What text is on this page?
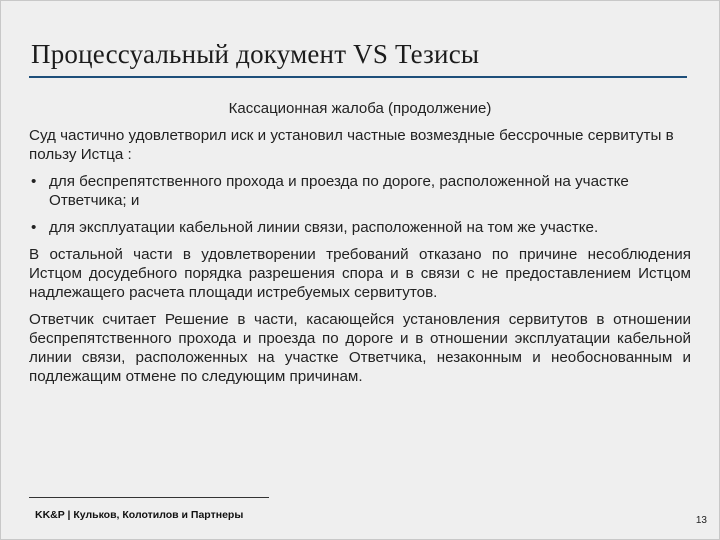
Процессуальный документ VS Тезисы
Кассационная жалоба (продолжение)
Суд частично удовлетворил иск и установил частные возмездные бессрочные сервитуты в пользу Истца :
• для беспрепятственного прохода и проезда по дороге, расположенной на участке Ответчика; и
• для эксплуатации кабельной линии связи, расположенной на том же участке.
В остальной части в удовлетворении требований отказано по причине несоблюдения Истцом досудебного порядка разрешения спора и в связи с не предоставлением Истцом надлежащего расчета площади истребуемых сервитутов.
Ответчик считает Решение в части, касающейся установления сервитутов в отношении беспрепятственного прохода и проезда по дороге и в отношении эксплуатации кабельной линии связи, расположенных на участке Ответчика, незаконным и необоснованным и подлежащим отмене по следующим причинам.
KK&P | Кульков, Колотилов и Партнеры	13
